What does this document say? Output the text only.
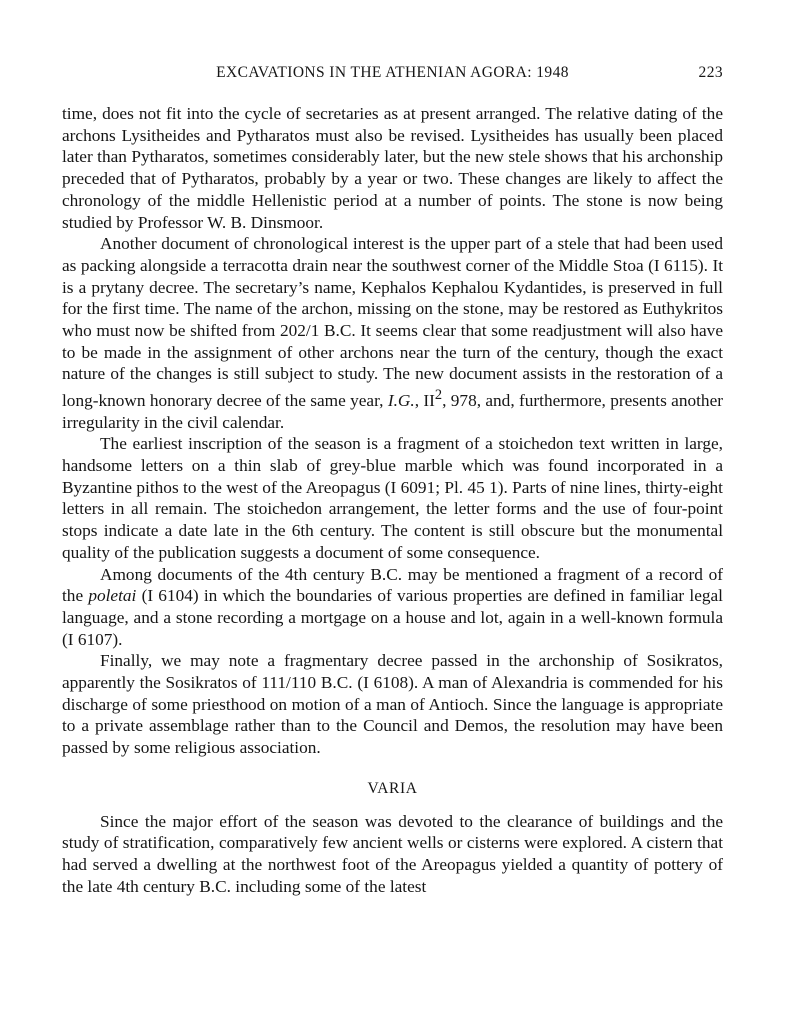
EXCAVATIONS IN THE ATHENIAN AGORA: 1948	223

time, does not fit into the cycle of secretaries as at present arranged. The relative dating of the archons Lysitheides and Pytharatos must also be revised. Lysitheides has usually been placed later than Pytharatos, sometimes considerably later, but the new stele shows that his archonship preceded that of Pytharatos, probably by a year or two. These changes are likely to affect the chronology of the middle Hellenistic period at a number of points. The stone is now being studied by Professor W. B. Dinsmoor.

Another document of chronological interest is the upper part of a stele that had been used as packing alongside a terracotta drain near the southwest corner of the Middle Stoa (I 6115). It is a prytany decree. The secretary’s name, Kephalos Kephalou Kydantides, is preserved in full for the first time. The name of the archon, missing on the stone, may be restored as Euthykritos who must now be shifted from 202/1 B.C. It seems clear that some readjustment will also have to be made in the assignment of other archons near the turn of the century, though the exact nature of the changes is still subject to study. The new document assists in the restoration of a long-known honorary decree of the same year, I.G., $II^2$, 978, and, furthermore, presents another irregularity in the civil calendar.

The earliest inscription of the season is a fragment of a stoichedon text written in large, handsome letters on a thin slab of grey-blue marble which was found incorporated in a Byzantine pithos to the west of the Areopagus (I 6091; Pl. 45 1). Parts of nine lines, thirty-eight letters in all remain. The stoichedon arrangement, the letter forms and the use of four-point stops indicate a date late in the 6th century. The content is still obscure but the monumental quality of the publication suggests a document of some consequence.

Among documents of the 4th century B.C. may be mentioned a fragment of a record of the poletai (I 6104) in which the boundaries of various properties are defined in familiar legal language, and a stone recording a mortgage on a house and lot, again in a well-known formula (I 6107).

Finally, we may note a fragmentary decree passed in the archonship of Sosikratos, apparently the Sosikratos of 111/110 B.C. (I 6108). A man of Alexandria is commended for his discharge of some priesthood on motion of a man of Antioch. Since the language is appropriate to a private assemblage rather than to the Council and Demos, the resolution may have been passed by some religious association.

VARIA

Since the major effort of the season was devoted to the clearance of buildings and the study of stratification, comparatively few ancient wells or cisterns were explored. A cistern that had served a dwelling at the northwest foot of the Areopagus yielded a quantity of pottery of the late 4th century B.C. including some of the latest
